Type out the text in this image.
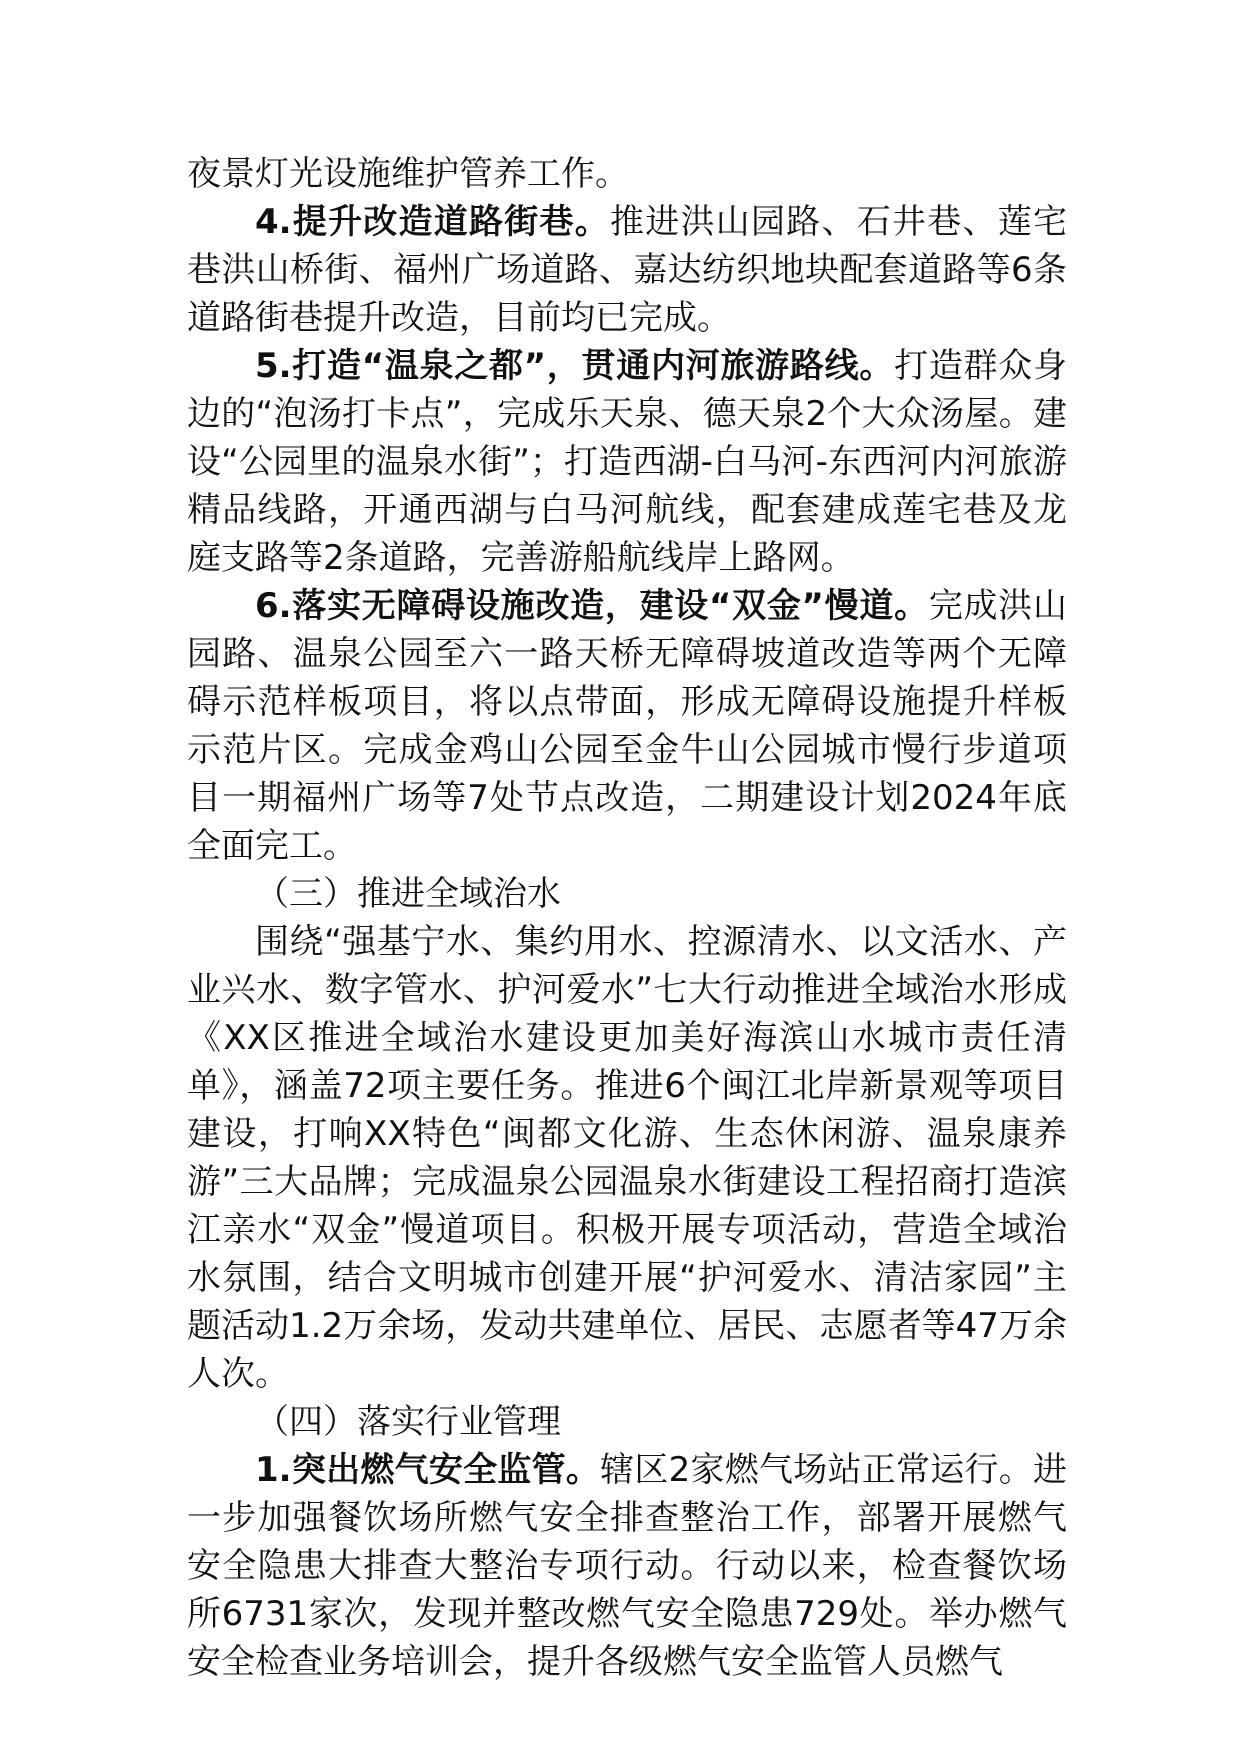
夜景灯光设施维护管养工作。

4.提升改造道路街巷。推进洪山园路、石井巷、莲宅巷洪山桥街、福州广场道路、嘉达纺织地块配套道路等6条道路街巷提升改造，目前均已完成。

5.打造“温泉之都”，贯通内河旅游路线。打造群众身边的“泡汤打卡点”，完成乐天泉、德天泉2个大众汤屋。建设“公园里的温泉水街”；打造西湖-白马河-东西河内河旅游精品线路，开通西湖与白马河航线，配套建成莲宅巷及龙庭支路等2条道路，完善游船航线岸上路网。

6.落实无障碍设施改造，建设“双金”慢道。完成洪山园路、温泉公园至六一路天桥无障碍坡道改造等两个无障碍示范样板项目，将以点带面，形成无障碍设施提升样板示范片区。完成金鸡山公园至金牛山公园城市慢行步道项目一期福州广场等7处节点改造，二期建设计划2024年底全面完工。

（三）推进全域治水

围绕“强基宁水、集约用水、控源清水、以文活水、产业兴水、数字管水、护河爱水”七大行动推进全域治水形成《XX区推进全域治水建设更加美好海滨山水城市责任清单》，涵盖72项主要任务。推进6个闽江北岸新景观等项目建设，打响XX特色“闽都文化游、生态休闲游、温泉康养游”三大品牌；完成温泉公园温泉水街建设工程招商打造滨江亲水“双金”慢道项目。积极开展专项活动，营造全域治水氛围，结合文明城市创建开展“护河爱水、清洁家园”主题活动1.2万余场，发动共建单位、居民、志愿者等47万余人次。

（四）落实行业管理

1.突出燃气安全监管。辖区2家燃气场站正常运行。进一步加强餐饮场所燃气安全排查整治工作，部署开展燃气安全隐患大排查大整治专项行动。行动以来，检查餐饮场所6731家次，发现并整改燃气安全隐患729处。举办燃气安全检查业务培训会，提升各级燃气安全监管人员燃气
